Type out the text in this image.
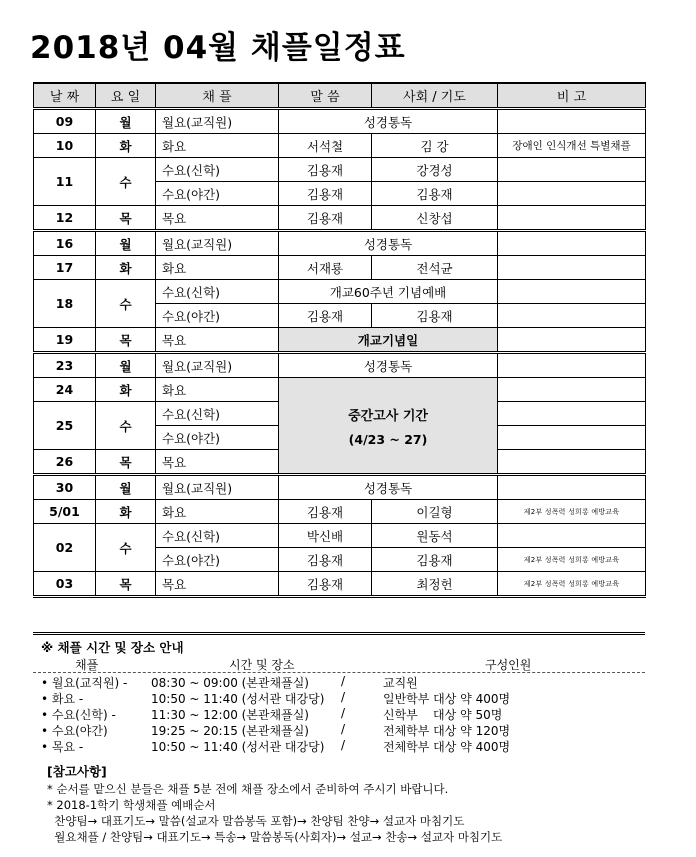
2018년 04월 채플일정표
날 짜	요 일	채 플	말 씀	사회 / 기도	비 고
09	월	월요(교직원)	성경통독		
10	화	화요	서석철	김 강	장애인 인식개선 특별채플
11	수	수요(신학)	김용재	강경성	
		수요(야간)	김용재	김용재	
12	목	목요	김용재	신창섭	
16	월	월요(교직원)	성경통독		
17	화	화요	서재룡	전석균	
18	수	수요(신학)	개교60주년 기념예배		
		수요(야간)	김용재	김용재	
19	목	목요	개교기념일		
23	월	월요(교직원)	성경통독		
24	화	화요	중간고사 기간
(4/23 ~ 27)		

25	수	수요(신학)			
		수요(야간)			
26	목	목요			
30	월	월요(교직원)	성경통독		
5/01	화	화요	김용재	이길형	제2부 성폭력 성희롱 예방교육
02	수	수요(신학)	박신배	원동석	
		수요(야간)	김용재	김용재	제2부 성폭력 성희롱 예방교육
03	목	목요	김용재	최정헌	제2부 성폭력 성희롱 예방교육
※ 채플 시간 및 장소 안내
채플	시간 및 장소	구성인원
• 월요(교직원) - 08:30 ~ 09:00 (본관채플실)	/	교직원
• 화요 -	10:50 ~ 11:40 (성서관 대강당) /	일반학부 대상 약 400명
• 수요(신학) -	11:30 ~ 12:00 (본관채플실)	/	신학부    대상 약 50명
• 수요(야간)	19:25 ~ 20:15 (본관채플실)	/	전체학부 대상 약 120명
• 목요 -	10:50 ~ 11:40 (성서관 대강당) /	전체학부 대상 약 400명
[참고사항]
* 순서를 맡으신 분들은 채플 5분 전에 채플 장소에서 준비하여 주시기 바랍니다.
* 2018-1학기 학생채플 예배순서
찬양팀→ 대표기도→ 말씀(설교자 말씀봉독 포함)→ 찬양팀 찬양→ 설교자 마침기도
월요채플 / 찬양팀→ 대표기도→ 특송→ 말씀봉독(사회자)→ 설교→ 찬송→ 설교자 마침기도
